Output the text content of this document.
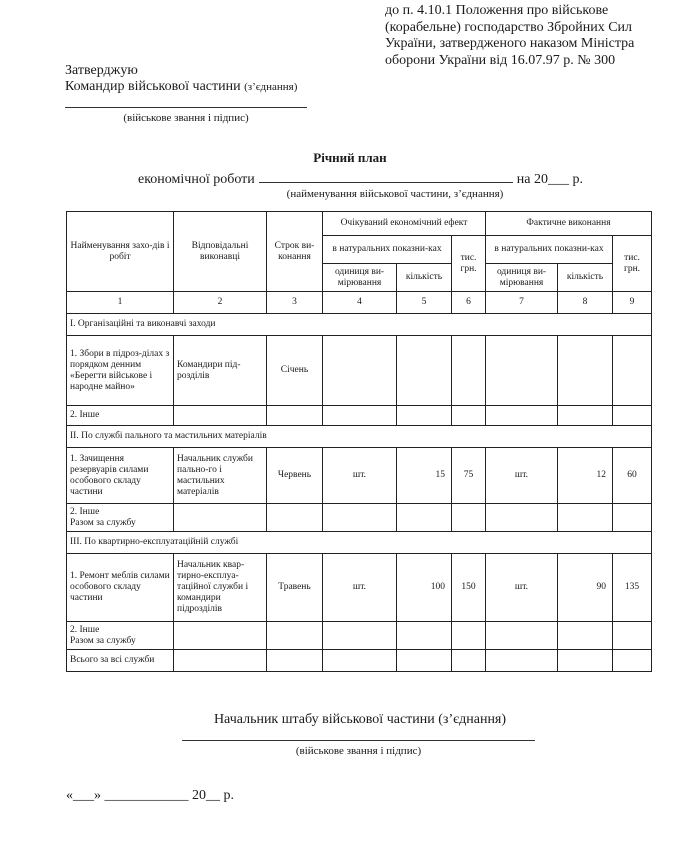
до п. 4.10.1 Положення про військове
(корабельне) господарство Збройних Сил
України, затвердженого наказом Міністра
оборони України від 16.07.97 р. № 300
Затверджую
Командир військової частини (з’єднання)
(військове звання і підпис)
Річний план
економічної роботи	на 20___ р.
(найменування військової частини, з’єднання)
Найменування захо-дів і робіт	Відповідальні виконавці	Строк ви-конання	Очікуваний економічний ефект			Фактичне виконання		
			в натуральних показни-ках		тис. грн.	в натуральних показни-ках		тис. грн.
			одиниця ви-мірювання	кількість		одиниця ви-мірювання	кількість	
1	2	3	4	5	6	7	8	9
I. Організаційні та виконавчі заходи								
1. Збори в підроз-ділах з порядком денним «Берегти військове і народне майно»	Командири під-розділів	Січень						
2. Інше								
II. По службі пального та мастильних матеріалів								
1. Зачищення резервуарів силами особового складу частини	Начальник служби пально-го і мастильних матеріалів	Червень	шт.	15	75	шт.	12	60

2. Інше
Разом за службу								

III. По квартирно-експлуатаційній службі								
1. Ремонт меблів силами особового складу частини	Начальник квар-тирно-експлуа-таційної служби і командири підрозділів	Травень	шт.	100	150	шт.	90	135

2. Інше
Разом за службу								

Всього за всі служби								
Начальник штабу військової частини (з’єднання)
(військове звання і підпис)
«___» ____________ 20__ р.
